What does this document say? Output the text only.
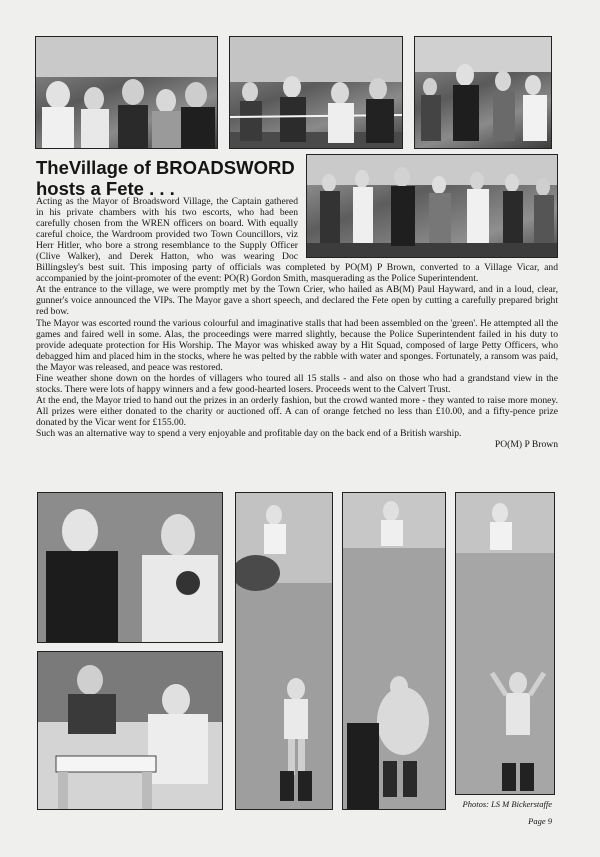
TheVillage of BROADSWORD
hosts a Fete . . .

Acting as the Mayor of Broadsword Village, the Captain gathered in his private chambers with his two escorts, who had been carefully chosen from the WREN officers on board. With equally careful choice, the Wardroom provided two Town Councillors, viz Herr Hitler, who bore a strong resemblance to the Supply Officer (Clive Walker), and Derek Hatton, who was wearing Doc Billingsley's best suit. This imposing party of officials was completed by PO(M) P Brown, converted to a Village Vicar, and accompanied by the joint-promoter of the event: PO(R) Gordon Smith, masquerading as the Police Superintendent.

At the entrance to the village, we were promptly met by the Town Crier, who hailed as AB(M) Paul Hayward, and in a loud, clear, gunner's voice announced the VIPs. The Mayor gave a short speech, and declared the Fete open by cutting a carefully prepared bright red bow.

The Mayor was escorted round the various colourful and imaginative stalls that had been assembled on the 'green'. He attempted all the games and faired well in some. Alas, the proceedings were marred slightly, because the Police Superintendent failed in his duty to provide adequate protection for His Worship. The Mayor was whisked away by a Hit Squad, composed of large Petty Officers, who debagged him and placed him in the stocks, where he was pelted by the rabble with water and sponges. Fortunately, a ransom was paid, the Mayor was released, and peace was restored.

Fine weather shone down on the hordes of villagers who toured all 15 stalls - and also on those who had a grandstand view in the stocks. There were lots of happy winners and a few good-hearted losers. Proceeds went to the Calvert Trust.

At the end, the Mayor tried to hand out the prizes in an orderly fashion, but the crowd wanted more - they wanted to raise more money. All prizes were either donated to the charity or auctioned off. A can of orange fetched no less than £10.00, and a fifty-pence prize donated by the Vicar went for £155.00.

Such was an alternative way to spend a very enjoyable and profitable day on the back end of a British warship.

PO(M) P Brown

Photos: LS M Bickerstaffe
Page 9
